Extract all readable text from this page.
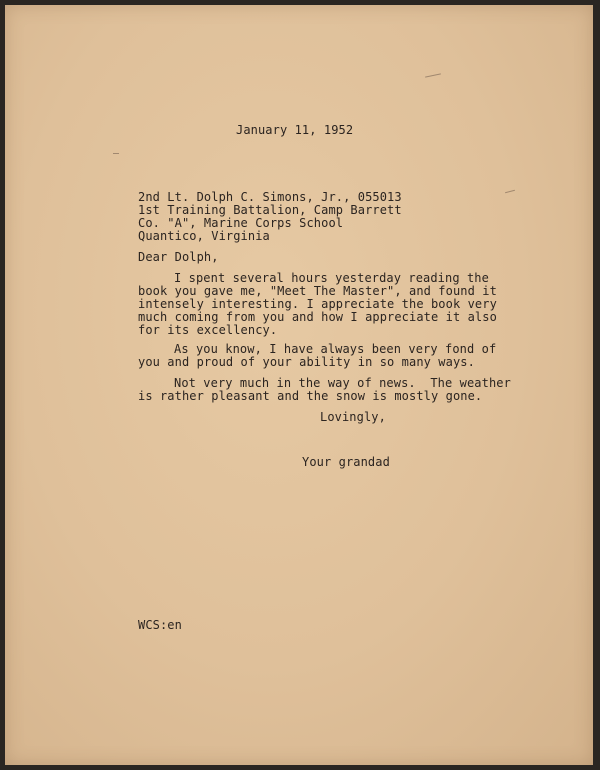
January 11, 1952
2nd Lt. Dolph C. Simons, Jr., 055013
1st Training Battalion, Camp Barrett
Co. "A", Marine Corps School
Quantico, Virginia
Dear Dolph,
I spent several hours yesterday reading the
book you gave me, "Meet The Master", and found it
intensely interesting. I appreciate the book very
much coming from you and how I appreciate it also
for its excellency.
As you know, I have always been very fond of
you and proud of your ability in so many ways.
Not very much in the way of news.  The weather
is rather pleasant and the snow is mostly gone.
Lovingly,
Your grandad
WCS:en
